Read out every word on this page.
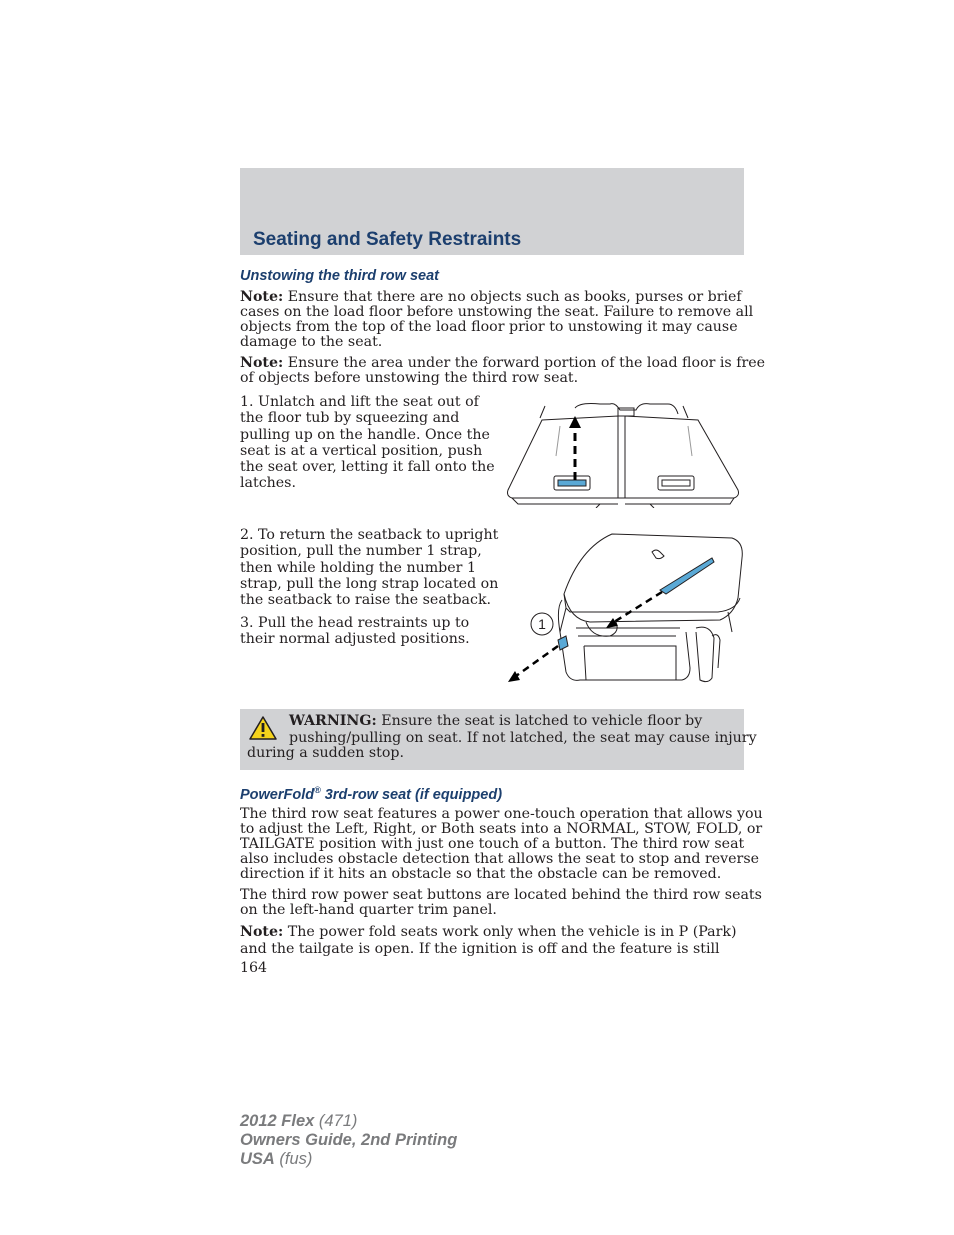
Seating and Safety Restraints
Unstowing the third row seat
Note: Ensure that there are no objects such as books, purses or brief
cases on the load floor before unstowing the seat. Failure to remove all
objects from the top of the load floor prior to unstowing it may cause
damage to the seat.
Note: Ensure the area under the forward portion of the load floor is free
of objects before unstowing the third row seat.
1. Unlatch and lift the seat out of
the floor tub by squeezing and
pulling up on the handle. Once the
seat is at a vertical position, push
the seat over, letting it fall onto the
latches.
2. To return the seatback to upright
position, pull the number 1 strap,
then while holding the number 1
strap, pull the long strap located on
the seatback to raise the seatback.
3. Pull the head restraints up to
their normal adjusted positions.
1
WARNING: Ensure the seat is latched to vehicle floor by
pushing/pulling on seat. If not latched, the seat may cause injury
during a sudden stop.
PowerFold® 3rd-row seat (if equipped)
The third row seat features a power one-touch operation that allows you
to adjust the Left, Right, or Both seats into a NORMAL, STOW, FOLD, or
TAILGATE position with just one touch of a button. The third row seat
also includes obstacle detection that allows the seat to stop and reverse
direction if it hits an obstacle so that the obstacle can be removed.
The third row power seat buttons are located behind the third row seats
on the left-hand quarter trim panel.
Note: The power fold seats work only when the vehicle is in P (Park)
and the tailgate is open. If the ignition is off and the feature is still
164
2012 Flex (471)
Owners Guide, 2nd Printing
USA (fus)
